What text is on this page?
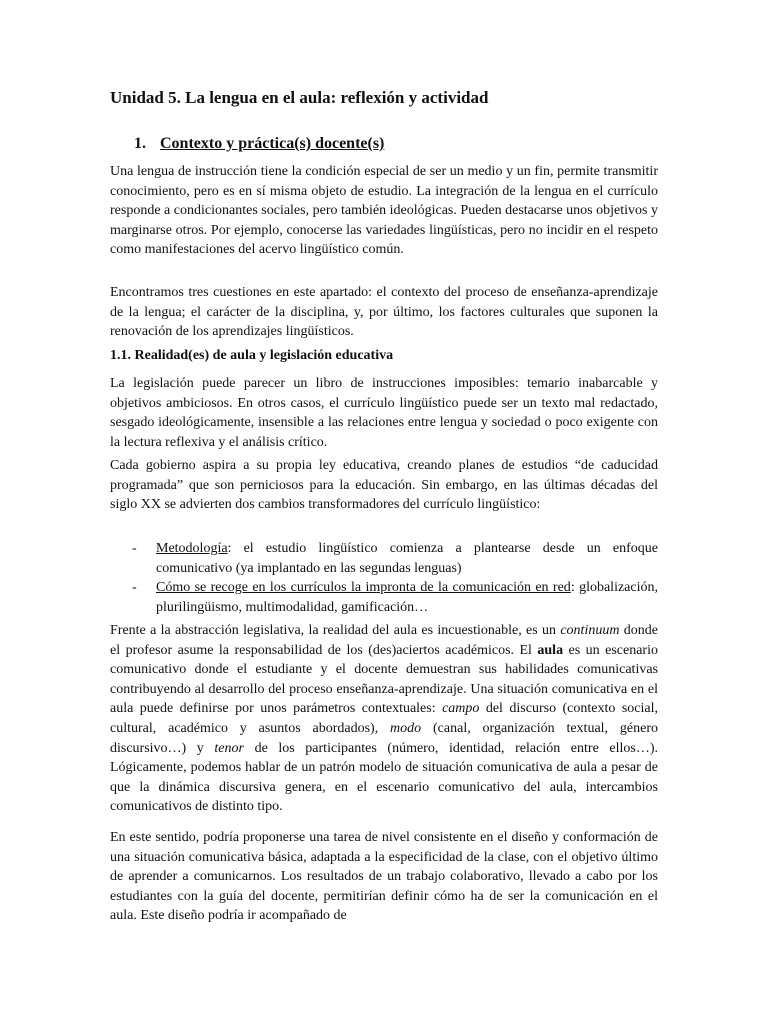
Unidad 5. La lengua en el aula: reflexión y actividad
1. Contexto y práctica(s) docente(s)

Una lengua de instrucción tiene la condición especial de ser un medio y un fin, permite transmitir conocimiento, pero es en sí misma objeto de estudio. La integración de la lengua en el currículo responde a condicionantes sociales, pero también ideológicas. Pueden destacarse unos objetivos y marginarse otros. Por ejemplo, conocerse las variedades lingüísticas, pero no incidir en el respeto como manifestaciones del acervo lingüístico común.

Encontramos tres cuestiones en este apartado: el contexto del proceso de enseñanza-aprendizaje de la lengua; el carácter de la disciplina, y, por último, los factores culturales que suponen la renovación de los aprendizajes lingüísticos.

1.1. Realidad(es) de aula y legislación educativa

La legislación puede parecer un libro de instrucciones imposibles: temario inabarcable y objetivos ambiciosos. En otros casos, el currículo lingüístico puede ser un texto mal redactado, sesgado ideológicamente, insensible a las relaciones entre lengua y sociedad o poco exigente con la lectura reflexiva y el análisis crítico.

Cada gobierno aspira a su propia ley educativa, creando planes de estudios “de caducidad programada” que son perniciosos para la educación. Sin embargo, en las últimas décadas del siglo XX se advierten dos cambios transformadores del currículo lingüístico:

- Metodología: el estudio lingüístico comienza a plantearse desde un enfoque comunicativo (ya implantado en las segundas lenguas)
- Cómo se recoge en los currículos la impronta de la comunicación en red: globalización, plurilingüismo, multimodalidad, gamificación…

Frente a la abstracción legislativa, la realidad del aula es incuestionable, es un continuum donde el profesor asume la responsabilidad de los (des)aciertos académicos. El aula es un escenario comunicativo donde el estudiante y el docente demuestran sus habilidades comunicativas contribuyendo al desarrollo del proceso enseñanza-aprendizaje. Una situación comunicativa en el aula puede definirse por unos parámetros contextuales: campo del discurso (contexto social, cultural, académico y asuntos abordados), modo (canal, organización textual, género discursivo…) y tenor de los participantes (número, identidad, relación entre ellos…). Lógicamente, podemos hablar de un patrón modelo de situación comunicativa de aula a pesar de que la dinámica discursiva genera, en el escenario comunicativo del aula, intercambios comunicativos de distinto tipo.

En este sentido, podría proponerse una tarea de nivel consistente en el diseño y conformación de una situación comunicativa básica, adaptada a la especificidad de la clase, con el objetivo último de aprender a comunicarnos. Los resultados de un trabajo colaborativo, llevado a cabo por los estudiantes con la guía del docente, permitirían definir cómo ha de ser la comunicación en el aula. Este diseño podría ir acompañado de
